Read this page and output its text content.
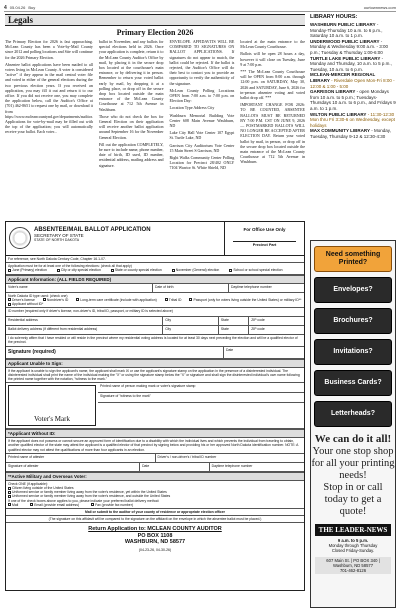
4 05.04.26 Buy	ourtownnews.com
Legals
Primary Election 2026

The Primary Election for 2026 is fast approaching. McLean County has been a Vote-by-Mail County since 2012 and polling locations and Site will continue for the 2026 Primary Election.

Absentee ballot applications have been mailed to all voters living in McLean County. A voter is considered "active" if they appear in the mail central voter file and voted in either of the general elections during the two previous election years. If you received an application, you may fill it out and return it to our office. If you did not receive one, you may complete the application below, call the Auditor's Office at (701) 462-8651 to request one by mail, or download it from https://www.mcleancountynd.gov/departments/auditor. Applications for vote-by-mail may be filled out with the top of the application; you will automatically receive your ballot. Each voter...

ballot in November, and any ballots for special elections held in 2026. Once your application is complete, return it to the McLean County Auditor's Office by mail, by placing it in the secure drop box located at the courthouse's main entrance, or by delivering it in person. Remember to return your voted ballot early by mail, by dropping it at a polling place, or drop off in the secure drop box located outside the main entrance of the McLean County Courthouse at 712 5th Avenue in Washburn.

Those who do not check the box for General Election on their application will receive another ballot application around September 16 for the November General Election.

Fill out the application COMPLETELY, be sure to include name, phone number, date of birth, ID used, ID number, residential address, mailing address and signature.

ENVELOPE. AFFIDAVITS WILL BE COMPARED TO SIGNATURES ON BALLOT APPLICATIONS. If signatures do not appear to match, the ballot could be rejected. If the ballot is rejected, the Auditor's Office will do their best to contact you to provide an opportunity to verify the authenticity of the signature.

McLean County Polling Locations OPEN from 7:00 a.m. to 7:00 p.m. on Election Day:

Location Type Address City

Washburn Memorial Building Vote Center 608 Main Avenue Washburn, ND

Lake City Hall Vote Center 107 Egypt St. Turtle Lake, ND

Garrison City Auditorium Vote Center 15 Main Street S Garrison, ND

Right Walks Community Center Polling Location for Precinct 28/402 ONLY 7104 Warrior St. White Shield, ND

located at the main entrance to the McLean County Courthouse.

Ballots will be open 28 hours a day, however it will close on Tuesday, June 9 at 7:00 p.m.

*** The McLean County Courthouse will be OPEN from 8:00 a.m. through 12:00 p.m. on SATURDAY, May 30, 2026 and SATURDAY, June 6, 2026 for in-person absentee voting and voted ballot drop off. ***

IMPORTANT CHANGE FOR 2026: TO BE COUNTED, ABSENTEE BALLOTS MUST BE RETURNED BY 7:00 P.M. CST ON JUNE 9, 2026 — POSTMARKED BALLOTS WILL NO LONGER BE ACCEPTED AFTER ELECTION DAY. Return your voted ballot by mail, in person, or drop off in the secure drop box located outside the main entrance of the McLean County Courthouse at 712 5th Avenue in Washburn.

ABSENTEE/MAIL BALLOT APPLICATION
SECRETARY OF STATE
STATE OF NORTH DAKOTA
For Office Use Only
Precinct Part
For reference, see North Dakota Century Code, Chapter 16.1-07.
Application must be for at least one of the following elections: (check all that apply)
June (Primary) election	City or city special election	State or county special election	November (General) election	School or school special election
Applicant Information: (ALL FIELDS REQUIRED)
Voter's name	Date of birth	Daytime telephone number
North Dakota ID type used: (check one)
Driver's license	Nondriver's ID	Long-term care certificate (include with application)	Tribal ID	Passport (only for voters living outside the United States) or military ID**
Applicant without ID*
ID number (required only if driver's license, non-driver's ID, tribal ID, passport, or military ID is selected above)
Residential address	City	State	ZIP code
Ballot delivery address (if different from residential address)	City	State	ZIP code
I do solemnly affirm that I have resided or will reside in the precinct where my residential voting address is located for at least 30 days next preceding the election and will be a qualified elector of the precinct.
Signature (required)	Date
Applicant Unable to Sign:
If the applicant is unable to sign the applicant's name, the applicant shall mark ☒ or use the applicant's signature stamp on the application in the presence of a disinterested individual. The disinterested individual shall print the name of the individual making the "X" or using the signature stamp below the "X" or signature and shall sign the disinterested individual's own name following the printed name together with the notation, "witness to the mark."
Voter's Mark
Printed name of person making mark or voter's signature stamp
Signature of "witness to the mark"
*Applicant Without ID:
If the applicant does not possess or cannot secure an approved form of identification due to a disability with which the individual lives and which prevents the individual from traveling to obtain, another qualified elector of the state may attest the applicant is a qualified elector of that precinct by signing below and providing his or her approved North Dakota identification number. NOTE: A qualified elector may not attest the qualifications of more than four applicants in an election.
Printed name of attester	Driver's / non-driver's / tribal ID number
Signature of attester	Date	Daytime telephone number
**Active Military and Overseas Voter:
Check ONE (if applicable):
Citizen living outside of the United States
Uniformed service or family member living away from the voter's residence, yet within the United States
Uniformed service or family member living away from the voter's residence, and outside the United States
If one of the check boxes above applies to you, please indicate your preferred ballot delivery method:
Mail	Email (provide email address)	Fax (provide fax number)
Mail or submit to the auditor of your county of residence or appropriate election officer
(The signature on this affidavit will be compared to the signature on the affidavit on the envelope in which the absentee ballot must be placed.)
Return Application to: MCLEAN COUNTY AUDITOR
PO BOX 1108
WASHBURN, ND 58577
(04-23-26, 04-30-26)
LIBRARY HOURS:
WASHBURN PUBLIC LIBRARY - Monday-Thursday 10 a.m. to 6 p.m., Saturday 10 a.m. to 1 p.m.
UNDERWOOD PUBLIC LIBRARY - Monday & Wednesday 9:00 a.m. - 3:00 p.m.; Tuesday & Thursday 1:00-6:00
TURTLE LAKE PUBLIC LIBRARY - Monday and Thursday, 10 a.m. to 5 p.m., Tuesday, 10 a.m. to 6 p.m.
MCLEAN-MERCER REGIONAL LIBRARY - Riverdale Open Mon-Fri 8:00 - 12:00 & 1:00 - 5:00
GARRISON LIBRARY - open Mondays from 10 a.m. to 5 p.m.; Tuesdays-Thursdays 10 a.m. to 6 p.m., and Fridays 9 a.m. to 1 p.m.
WILTON PUBLIC LIBRARY - 11:30-12:30 Mon thru Fri 3:30-6 on Wednesday, except holidays
MAX COMMUNITY LIBRARY - Monday, Tuesday, Thursday 9-12 & 12:30-4:30
Need something Printed?
Envelopes?
Brochures?
Invitations?
Business Cards?
Letterheads?
We can do it all!
Your one stop shop for all your printing needs!
Stop in or call today to get a quote!
THE LEADER-NEWS
9 a.m. to 5 p.m.
Monday through Thursday
Closed Friday-Sunday.
607 Main St. | PO BOX 340 | Washburn, ND 58577
701-462-8126
